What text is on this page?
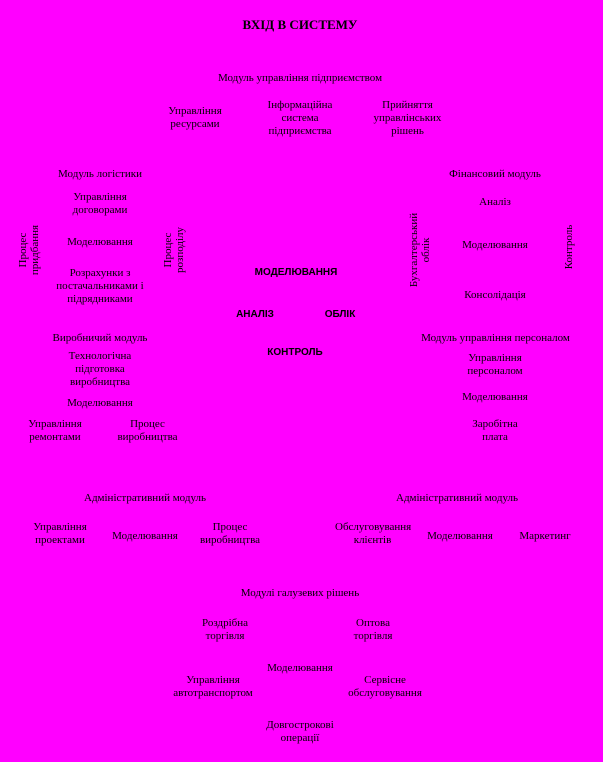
ВХІД В СИСТЕМУ
Модуль управління підприємством
Управління ресурсами
Інформаційна система підприємства
Прийняття управлінських рішень
Модуль логістики
Управління договорами
Моделювання
Розрахунки з постачальниками і підрядниками
Процес придбання	Процес розподілу
Фінансовий модуль
Аналіз
Моделювання
Консолідація
Бухгалтерський облік	Контроль
МОДЕЛЮВАННЯ
АНАЛІЗ	ОБЛІК
КОНТРОЛЬ
Виробничий модуль
Технологічна підготовка виробництва
Моделювання
Управління ремонтами
Процес виробництва
Модуль управління персоналом
Управління персоналом
Моделювання
Заробітна плата
Адміністративний модуль
Управління проектами	Моделювання
Процес виробництва
Адміністративний модуль
Обслуговування клієнтів	Моделювання	Маркетинг
Модулі галузевих рішень
Роздрібна торгівля
Оптова торгівля
Моделювання
Управління автотранспортом
Сервісне обслуговування
Довгострокові операції
